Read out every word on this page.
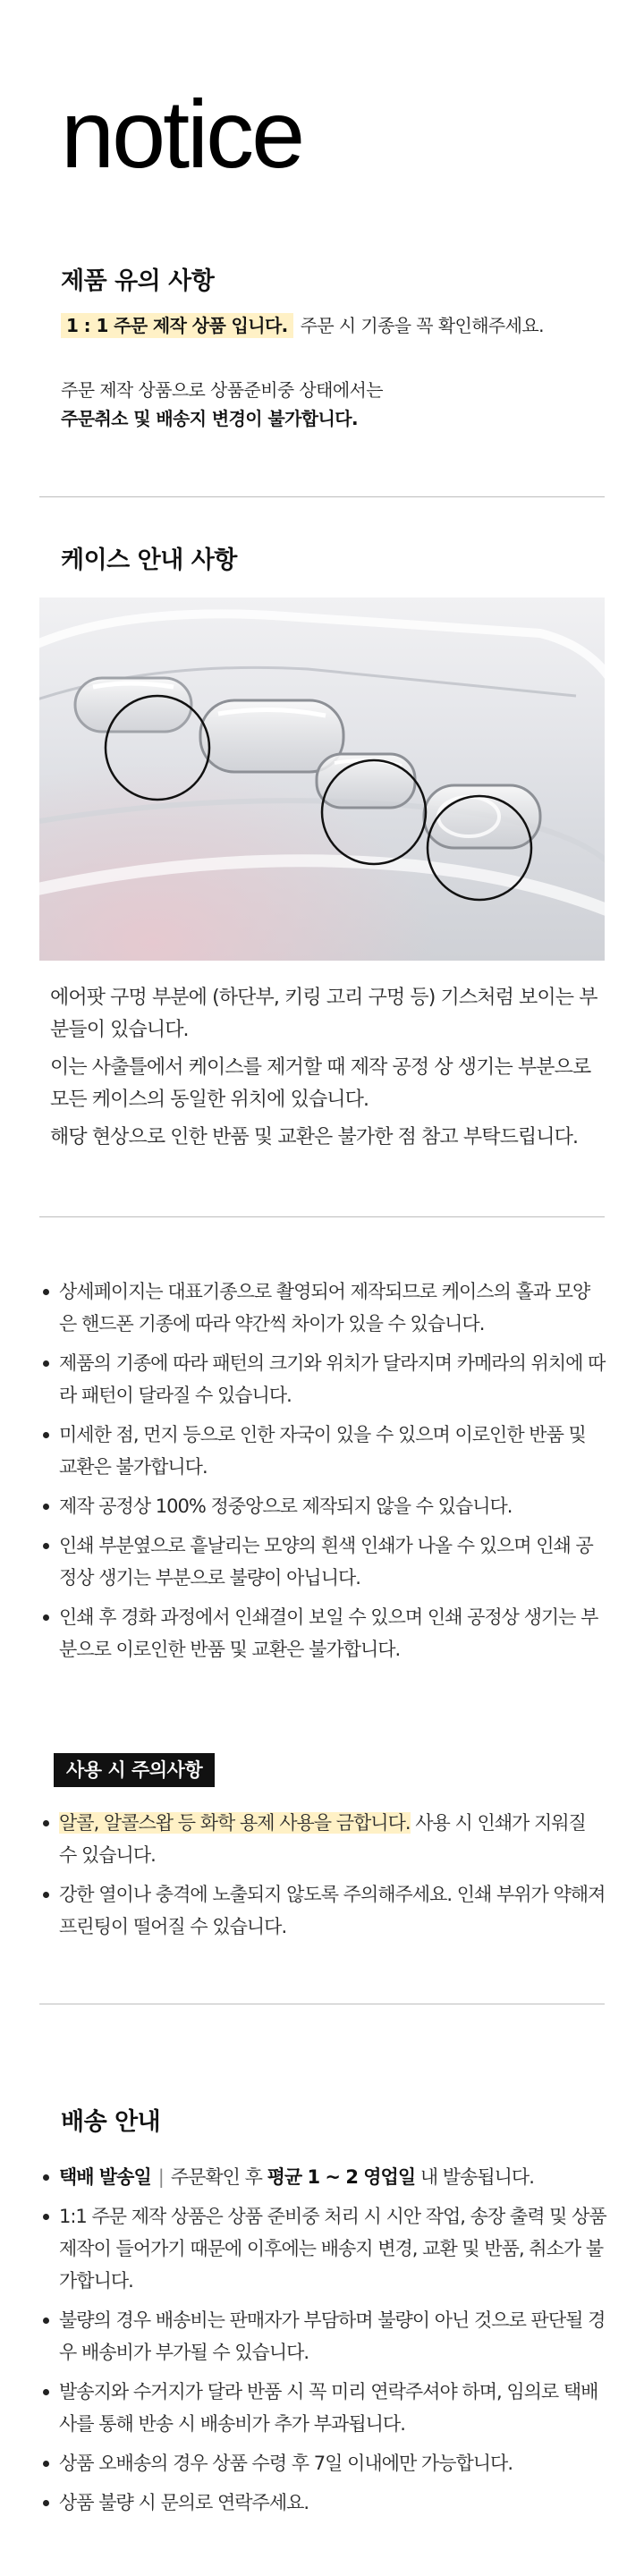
notice
제품 유의 사항
1 : 1 주문 제작 상품 입니다. 주문 시 기종을 꼭 확인해주세요.
주문 제작 상품으로 상품준비중 상태에서는
주문취소 및 배송지 변경이 불가합니다.
케이스 안내 사항

에어팟 구멍 부분에 (하단부, 키링 고리 구멍 등) 기스처럼 보이는 부분들이 있습니다.

이는 사출틀에서 케이스를 제거할 때 제작 공정 상 생기는 부분으로 모든 케이스의 동일한 위치에 있습니다.

해당 현상으로 인한 반품 및 교환은 불가한 점 참고 부탁드립니다.

상세페이지는 대표기종으로 촬영되어 제작되므로 케이스의 홀과 모양은 핸드폰 기종에 따라 약간씩 차이가 있을 수 있습니다.
제품의 기종에 따라 패턴의 크기와 위치가 달라지며 카메라의 위치에 따라 패턴이 달라질 수 있습니다.
미세한 점, 먼지 등으로 인한 자국이 있을 수 있으며 이로인한 반품 및 교환은 불가합니다.
제작 공정상 100% 정중앙으로 제작되지 않을 수 있습니다.
인쇄 부분옆으로 흩날리는 모양의 흰색 인쇄가 나올 수 있으며 인쇄 공정상 생기는 부분으로 불량이 아닙니다.
인쇄 후 경화 과정에서 인쇄결이 보일 수 있으며 인쇄 공정상 생기는 부분으로 이로인한 반품 및 교환은 불가합니다.
사용 시 주의사항
알콜, 알콜스왑 등 화학 용제 사용을 금합니다. 사용 시 인쇄가 지워질 수 있습니다.
강한 열이나 충격에 노출되지 않도록 주의해주세요. 인쇄 부위가 약해져 프린팅이 떨어질 수 있습니다.
배송 안내
택배 발송일 | 주문확인 후 평균 1 ~ 2 영업일 내 발송됩니다.
1:1 주문 제작 상품은 상품 준비중 처리 시 시안 작업, 송장 출력 및 상품 제작이 들어가기 때문에 이후에는 배송지 변경, 교환 및 반품, 취소가 불가합니다.
불량의 경우 배송비는 판매자가 부담하며 불량이 아닌 것으로 판단될 경우 배송비가 부가될 수 있습니다.
발송지와 수거지가 달라 반품 시 꼭 미리 연락주셔야 하며, 임의로 택배사를 통해 반송 시 배송비가 추가 부과됩니다.
상품 오배송의 경우 상품 수령 후 7일 이내에만 가능합니다.
상품 불량 시 문의로 연락주세요.
